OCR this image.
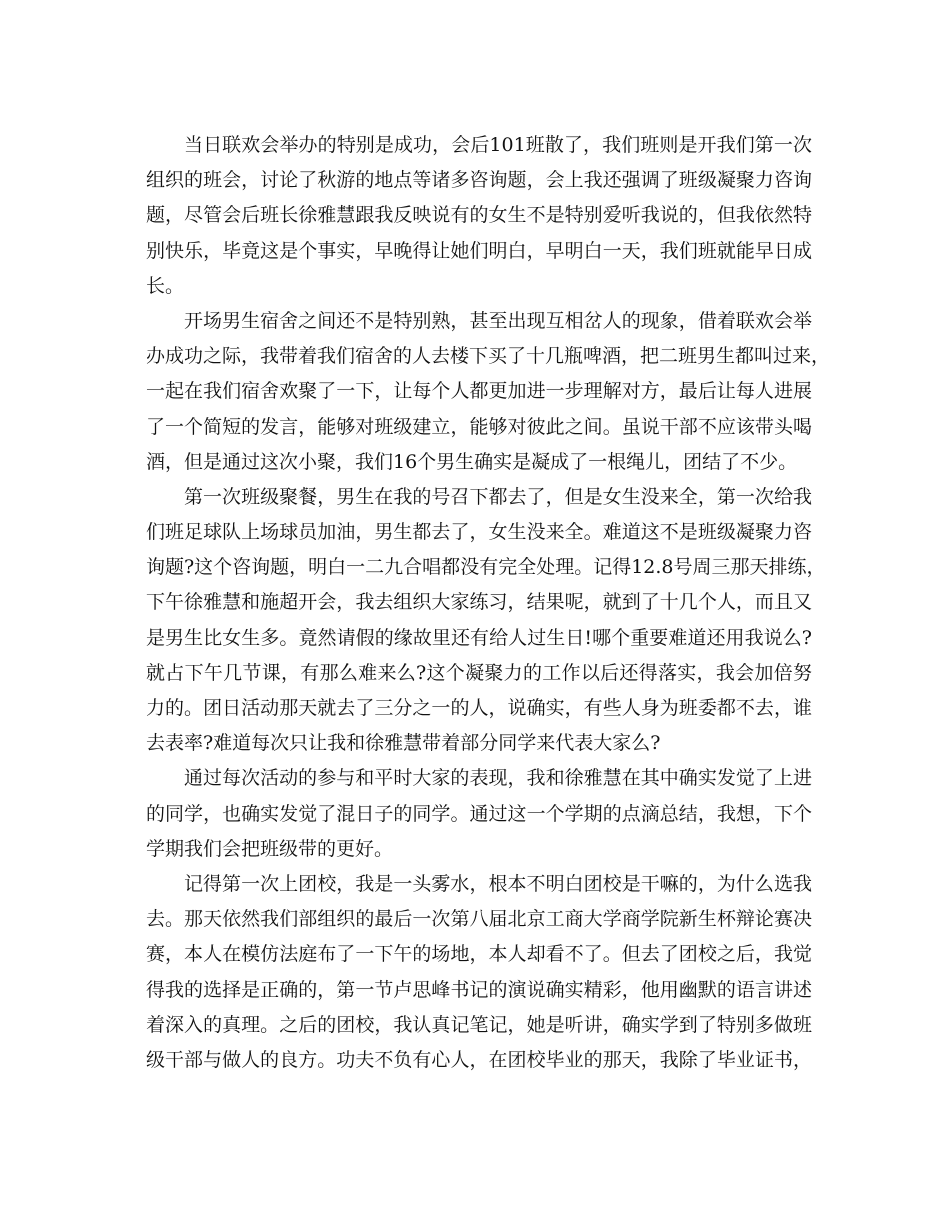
当日联欢会举办的特别是成功，会后101班散了，我们班则是开我们第一次
组织的班会，讨论了秋游的地点等诸多咨询题，会上我还强调了班级凝聚力咨询
题，尽管会后班长徐雅慧跟我反映说有的女生不是特别爱听我说的，但我依然特
别快乐，毕竟这是个事实，早晚得让她们明白，早明白一天，我们班就能早日成
长。
开场男生宿舍之间还不是特别熟，甚至出现互相岔人的现象，借着联欢会举
办成功之际，我带着我们宿舍的人去楼下买了十几瓶啤酒，把二班男生都叫过来，
一起在我们宿舍欢聚了一下，让每个人都更加进一步理解对方，最后让每人进展
了一个简短的发言，能够对班级建立，能够对彼此之间。虽说干部不应该带头喝
酒，但是通过这次小聚，我们16个男生确实是凝成了一根绳儿，团结了不少。
第一次班级聚餐，男生在我的号召下都去了，但是女生没来全，第一次给我
们班足球队上场球员加油，男生都去了，女生没来全。难道这不是班级凝聚力咨
询题?这个咨询题，明白一二九合唱都没有完全处理。记得12.8号周三那天排练，
下午徐雅慧和施超开会，我去组织大家练习，结果呢，就到了十几个人，而且又
是男生比女生多。竟然请假的缘故里还有给人过生日!哪个重要难道还用我说么?
就占下午几节课，有那么难来么?这个凝聚力的工作以后还得落实，我会加倍努
力的。团日活动那天就去了三分之一的人，说确实，有些人身为班委都不去，谁
去表率?难道每次只让我和徐雅慧带着部分同学来代表大家么?
通过每次活动的参与和平时大家的表现，我和徐雅慧在其中确实发觉了上进
的同学，也确实发觉了混日子的同学。通过这一个学期的点滴总结，我想，下个
学期我们会把班级带的更好。
记得第一次上团校，我是一头雾水，根本不明白团校是干嘛的，为什么选我
去。那天依然我们部组织的最后一次第八届北京工商大学商学院新生杯辩论赛决
赛，本人在模仿法庭布了一下午的场地，本人却看不了。但去了团校之后，我觉
得我的选择是正确的，第一节卢思峰书记的演说确实精彩，他用幽默的语言讲述
着深入的真理。之后的团校，我认真记笔记，她是听讲，确实学到了特别多做班
级干部与做人的良方。功夫不负有心人，在团校毕业的那天，我除了毕业证书，
